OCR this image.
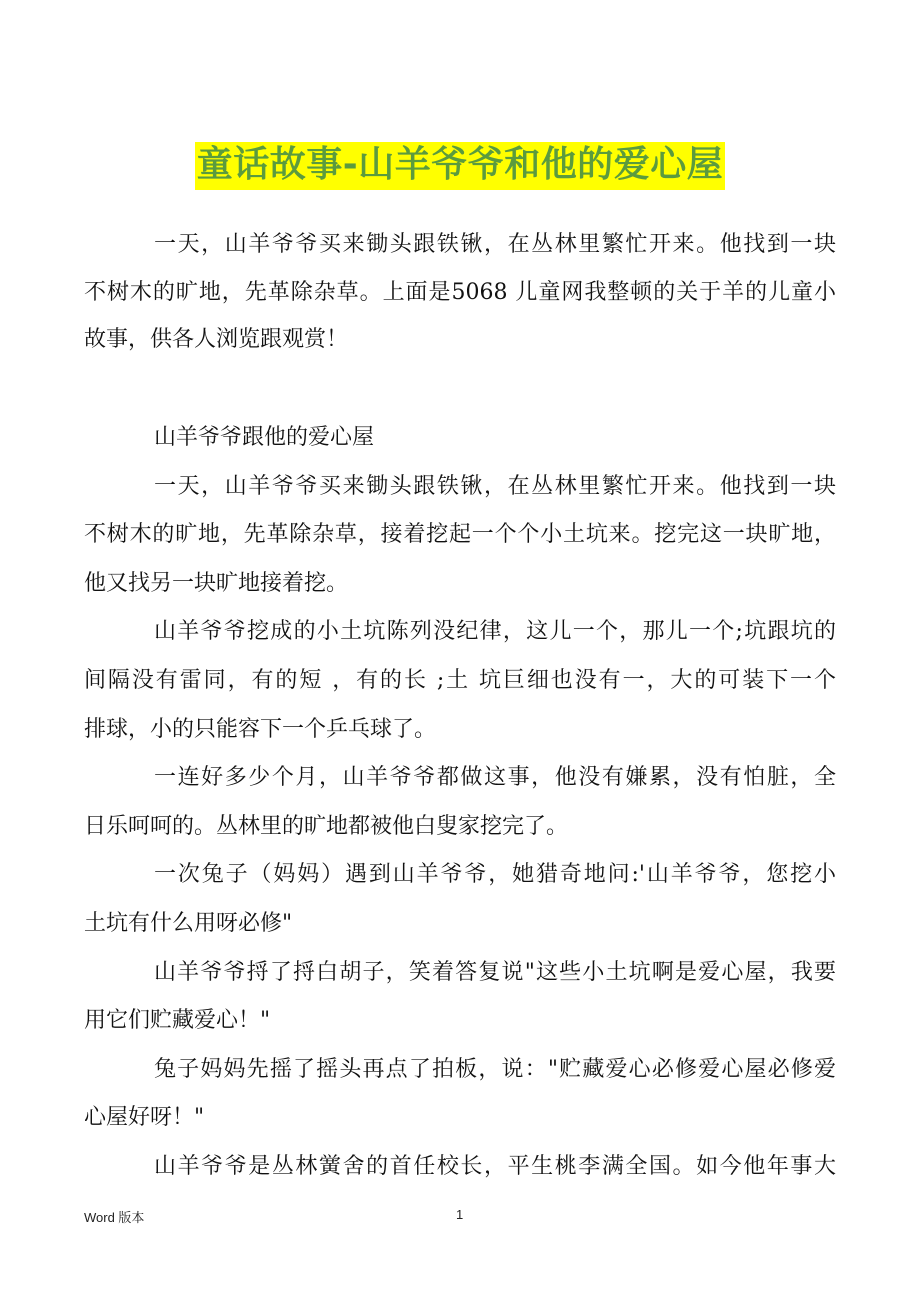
童话故事-山羊爷爷和他的爱心屋
一天，山羊爷爷买来锄头跟铁锹，在丛林里繁忙开来。他找到一块
不树木的旷地，先革除杂草。上面是5068 儿童网我整顿的关于羊的儿童小
故事，供各人浏览跟观赏！
山羊爷爷跟他的爱心屋
一天，山羊爷爷买来锄头跟铁锹，在丛林里繁忙开来。他找到一块
不树木的旷地，先革除杂草，接着挖起一个个小土坑来。挖完这一块旷地，
他又找另一块旷地接着挖。
山羊爷爷挖成的小土坑陈列没纪律，这儿一个，那儿一个;坑跟坑的
间隔没有雷同，有的短 ，有的长 ;土 坑巨细也没有一，大的可装下一个
排球，小的只能容下一个乒乓球了。
一连好多少个月，山羊爷爷都做这事，他没有嫌累，没有怕脏，全
日乐呵呵的。丛林里的旷地都被他白叟家挖完了。
一次兔子（妈妈）遇到山羊爷爷，她猎奇地问:'山羊爷爷，您挖小
土坑有什么用呀必修"
山羊爷爷捋了捋白胡子，笑着答复说"这些小土坑啊是爱心屋，我要
用它们贮藏爱心！"
兔子妈妈先摇了摇头再点了拍板，说："贮藏爱心必修爱心屋必修爱
心屋好呀！"
山羊爷爷是丛林黉舍的首任校长，平生桃李满全国。如今他年事大
Word 版本	1
